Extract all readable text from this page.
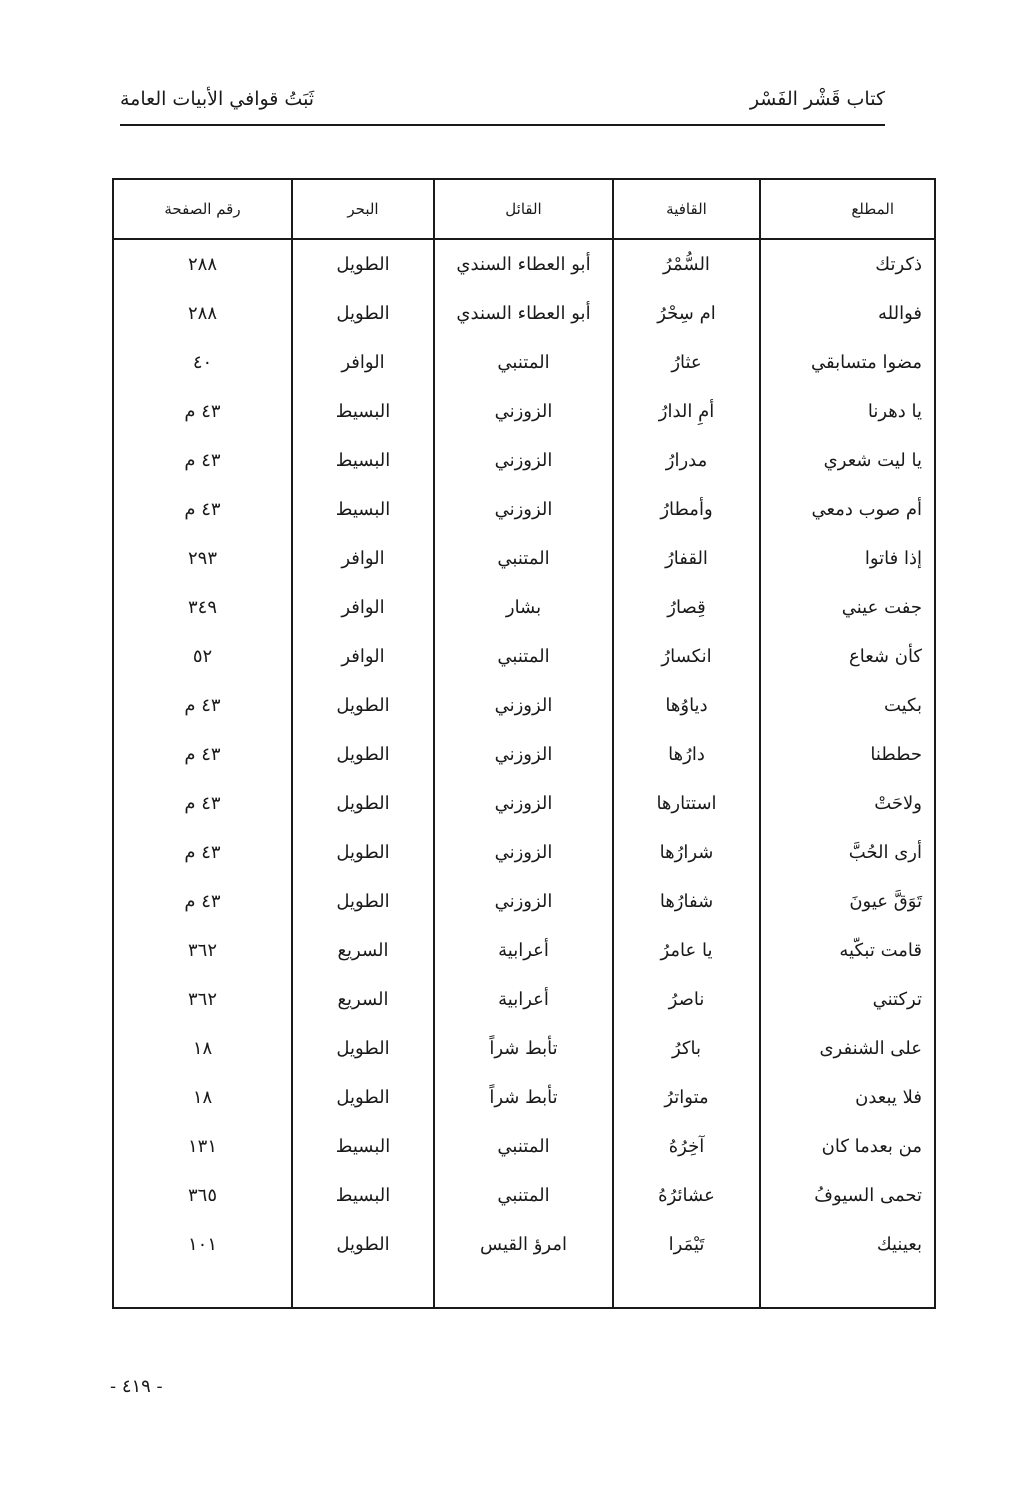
كتاب قَشْر الفَسْر
ثَبَتُ قوافي الأبيات العامة
المطلع	القافية	القائل	البحر	رقم الصفحة
ذكرتك	السُّمْرُ	أبو العطاء السندي	الطويل	٢٨٨
فوالله	ام سِحْرُ	أبو العطاء السندي	الطويل	٢٨٨
مضوا متسابقي	عثارُ	المتنبي	الوافر	٤٠
يا دهرنا	أمِ الدارُ	الزوزني	البسيط	٤٣ م
يا ليت شعري	مدرارُ	الزوزني	البسيط	٤٣ م
أم صوب دمعي	وأمطارُ	الزوزني	البسيط	٤٣ م
إذا فاتوا	القفارُ	المتنبي	الوافر	٢٩٣
جفت عيني	قِصارُ	بشار	الوافر	٣٤٩
كأن شعاع	انكسارُ	المتنبي	الوافر	٥٢
بكيت	دياوُها	الزوزني	الطويل	٤٣ م
حططنا	دارُها	الزوزني	الطويل	٤٣ م
ولاحَتْ	استتارها	الزوزني	الطويل	٤٣ م
أرى الحُبَّ	شرارُها	الزوزني	الطويل	٤٣ م
تَوَقَّ عيونَ	شفارُها	الزوزني	الطويل	٤٣ م
قامت تبكّيه	يا عامرُ	أعرابية	السريع	٣٦٢
تركتني	ناصرُ	أعرابية	السريع	٣٦٢
على الشنفرى	باكرُ	تأبط شراً	الطويل	١٨
فلا يبعدن	متواترُ	تأبط شراً	الطويل	١٨
من بعدما كان	آخِرُهُ	المتنبي	البسيط	١٣١
تحمى السيوفُ	عشائرُهُ	المتنبي	البسيط	٣٦٥
بعينيك	تَيْمَرا	امرؤ القيس	الطويل	١٠١

- ٤١٩ -
